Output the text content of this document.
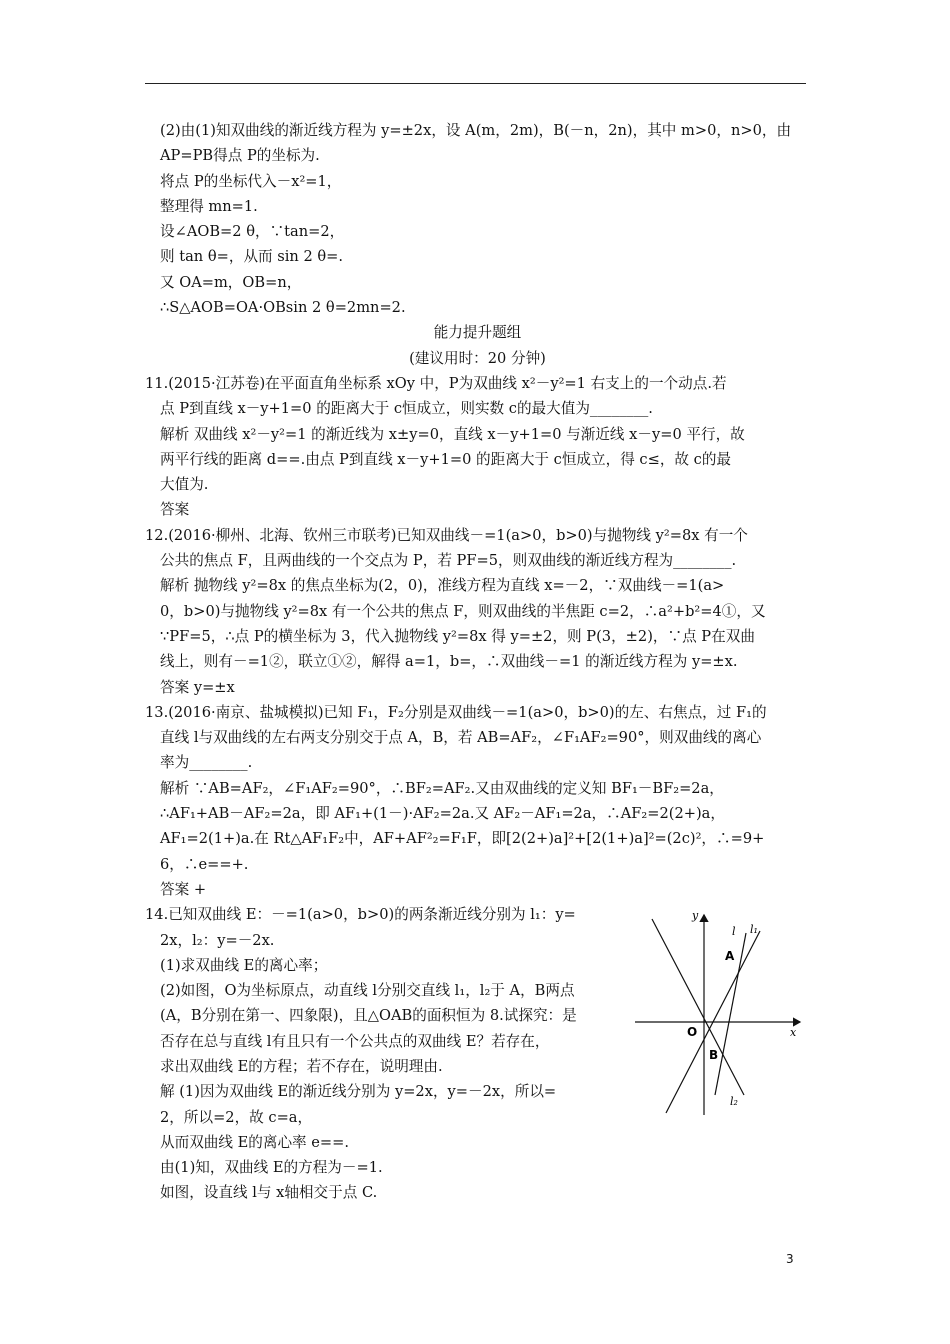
(2)由(1)知双曲线的渐近线方程为 y=±2x，设 A(m，2m)，B(－n，2n)，其中 m>0，n>0，由
AP=PB得点 P的坐标为.
将点 P的坐标代入－x²=1，
整理得 mn=1.
设∠AOB=2 θ，∵tan=2，
则 tan θ=，从而 sin 2 θ=.
又 OA=m，OB=n，
∴S△AOB=OA·OBsin 2 θ=2mn=2.
能力提升题组
(建议用时：20 分钟)
11.(2015·江苏卷)在平面直角坐标系 xOy 中，P为双曲线 x²－y²=1 右支上的一个动点.若
点 P到直线 x－y+1=0 的距离大于 c恒成立，则实数 c的最大值为________.
解析 双曲线 x²－y²=1 的渐近线为 x±y=0，直线 x－y+1=0 与渐近线 x－y=0 平行，故
两平行线的距离 d==.由点 P到直线 x－y+1=0 的距离大于 c恒成立，得 c≤，故 c的最
大值为.
答案
12.(2016·柳州、北海、钦州三市联考)已知双曲线－=1(a>0，b>0)与抛物线 y²=8x 有一个
公共的焦点 F，且两曲线的一个交点为 P，若 PF=5，则双曲线的渐近线方程为________.
解析 抛物线 y²=8x 的焦点坐标为(2，0)，准线方程为直线 x=－2，∵双曲线－=1(a>
0，b>0)与抛物线 y²=8x 有一个公共的焦点 F，则双曲线的半焦距 c=2，∴a²+b²=4①，又
∵PF=5，∴点 P的横坐标为 3，代入抛物线 y²=8x 得 y=±2，则 P(3，±2)，∵点 P在双曲
线上，则有－=1②，联立①②，解得 a=1，b=，∴双曲线－=1 的渐近线方程为 y=±x.
答案 y=±x
13.(2016·南京、盐城模拟)已知 F₁，F₂分别是双曲线－=1(a>0，b>0)的左、右焦点，过 F₁的
直线 l与双曲线的左右两支分别交于点 A，B，若 AB=AF₂，∠F₁AF₂=90°，则双曲线的离心
率为________.
解析 ∵AB=AF₂，∠F₁AF₂=90°，∴BF₂=AF₂.又由双曲线的定义知 BF₁－BF₂=2a，
∴AF₁+AB－AF₂=2a，即 AF₁+(1－)·AF₂=2a.又 AF₂－AF₁=2a，∴AF₂=2(2+)a，
AF₁=2(1+)a.在 Rt△AF₁F₂中，AF+AF²₂=F₁F，即[2(2+)a]²+[2(1+)a]²=(2c)²，∴=9+
6，∴e==+.
答案 +
14.已知双曲线 E：－=1(a>0，b>0)的两条渐近线分别为 l₁：y=
2x，l₂：y=－2x.
(1)求双曲线 E的离心率；
(2)如图，O为坐标原点，动直线 l分别交直线 l₁，l₂于 A，B两点
(A，B分别在第一、四象限)，且△OAB的面积恒为 8.试探究：是
否存在总与直线 l有且只有一个公共点的双曲线 E？若存在，
求出双曲线 E的方程；若不存在，说明理由.
解 (1)因为双曲线 E的渐近线分别为 y=2x，y=－2x，所以=
2，所以=2，故 c=a，
从而双曲线 E的离心率 e==.
由(1)知，双曲线 E的方程为－=1.
如图，设直线 l与 x轴相交于点 C.
y
x
O
A
B
l l₁
l₂
3
